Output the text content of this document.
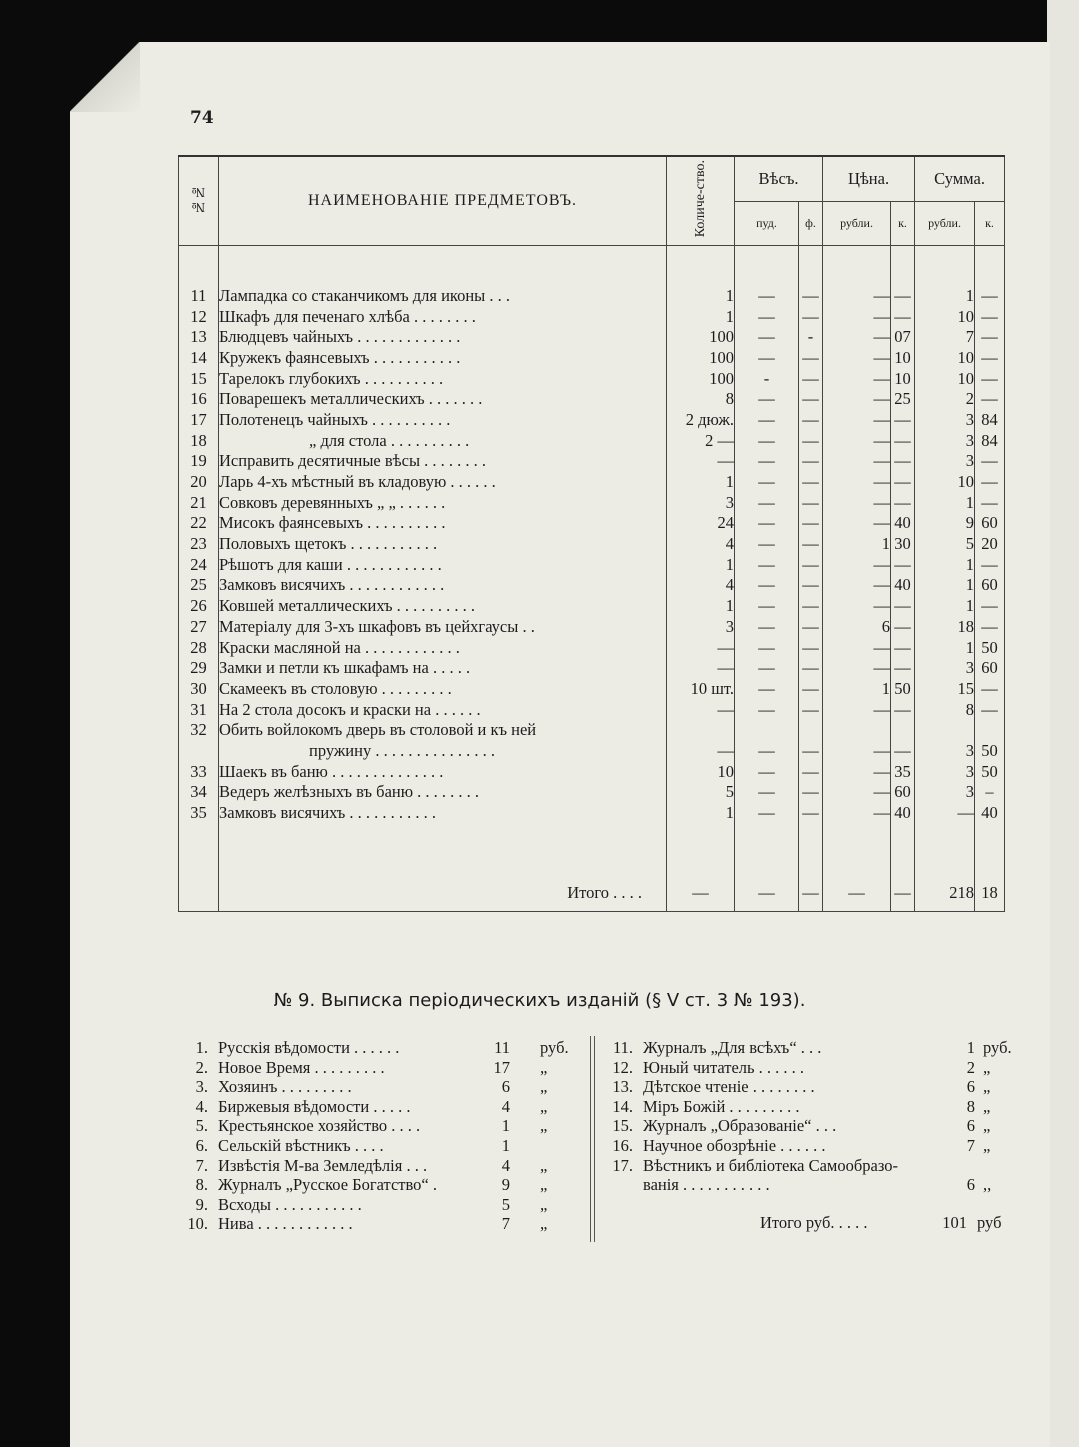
74
№№	НАИМЕНОВАНІЕ ПРЕДМЕТОВЪ.	Количе-ство.	Вѣсъ.		Цѣна.		Сумма.	
			пуд.	ф.	рубли.	к.	рубли.	к.

11	Лампадка со стаканчикомъ для иконы . . .	1	—	—	—	—	1	—
12	Шкафъ для печенаго хлѣба . . . . . . . .	1	—	—	—	—	10	—
13	Блюдцевъ чайныхъ . . . . . . . . . . . . .	100	—	-	—	07	7	—
14	Кружекъ фаянсевыхъ . . . . . . . . . . .	100	—	—	—	10	10	—
15	Тарелокъ глубокихъ . . . . . . . . . .	100	-	—	—	10	10	—
16	Поварешекъ металлическихъ . . . . . . .	8	—	—	—	25	2	—
17	Полотенецъ чайныхъ . . . . . . . . . .	2 дюж.	—	—	—	—	3	84
18	„ для стола . . . . . . . . . .	2 —	—	—	—	—	3	84
19	Исправить десятичные вѣсы . . . . . . . .	—	—	—	—	—	3	—
20	Ларь 4-хъ мѣстный въ кладовую . . . . . .	1	—	—	—	—	10	—
21	Совковъ деревянныхъ „ „ . . . . . .	3	—	—	—	—	1	—
22	Мисокъ фаянсевыхъ . . . . . . . . . .	24	—	—	—	40	9	60
23	Половыхъ щетокъ . . . . . . . . . . .	4	—	—	1	30	5	20
24	Рѣшотъ для каши . . . . . . . . . . . .	1	—	—	—	—	1	—
25	Замковъ висячихъ . . . . . . . . . . . .	4	—	—	—	40	1	60
26	Ковшей металлическихъ . . . . . . . . . .	1	—	—	—	—	1	—
27	Матеріалу для 3-хъ шкафовъ въ цейхгаусы . .	3	—	—	6	—	18	—
28	Краски масляной на . . . . . . . . . . . .	—	—	—	—	—	1	50
29	Замки и петли къ шкафамъ на . . . . .	—	—	—	—	—	3	60
30	Скамеекъ въ столовую . . . . . . . . .	10 шт.	—	—	1	50	15	—
31	На 2 стола досокъ и краски на . . . . . .	—	—	—	—	—	8	—
32	Обить войлокомъ дверь въ столовой и къ ней							
	пружину . . . . . . . . . . . . . . .	—	—	—	—	—	3	50
33	Шаекъ въ баню . . . . . . . . . . . . . .	10	—	—	—	35	3	50
34	Ведеръ желѣзныхъ въ баню . . . . . . . .	5	—	—	—	60	3	–
35	Замковъ висячихъ . . . . . . . . . . .	1	—	—	—	40	—	40

	Итого . . . .	—	—	—	—	—	218	18
№ 9. Выписка періодическихъ изданій (§ V ст. 3 № 193).
1. Русскія вѣдомости . . . . . .	11 руб.
2. Новое Время . . . . . . . . .	17 „
3. Хозяинъ . . . . . . . . .	6 „
4. Биржевыя вѣдомости . . . . .	4 „
5. Крестьянское хозяйство . . . .	1 „
6. Сельскій вѣстникъ . . . .	1
7. Извѣстія М-ва Земледѣлія . . .	4 „
8. Журналъ „Русское Богатство“ .	9 „
9. Всходы . . . . . . . . . . .	5 „
10. Нива . . . . . . . . . . . .	7 „
11. Журналъ „Для всѣхъ“ . . .	1 руб.
12. Юный читатель . . . . . .	2 „
13. Дѣтское чтеніе . . . . . . . .	6 „
14. Міръ Божій . . . . . . . . .	8 „
15. Журналъ „Образованіе“ . . .	6 „
16. Научное обозрѣніе . . . . . .	7 „
17. Вѣстникъ и библіотека Самообразо-
ванія . . . . . . . . . . .	6 ,,
Итого руб. . . . .	101 руб
